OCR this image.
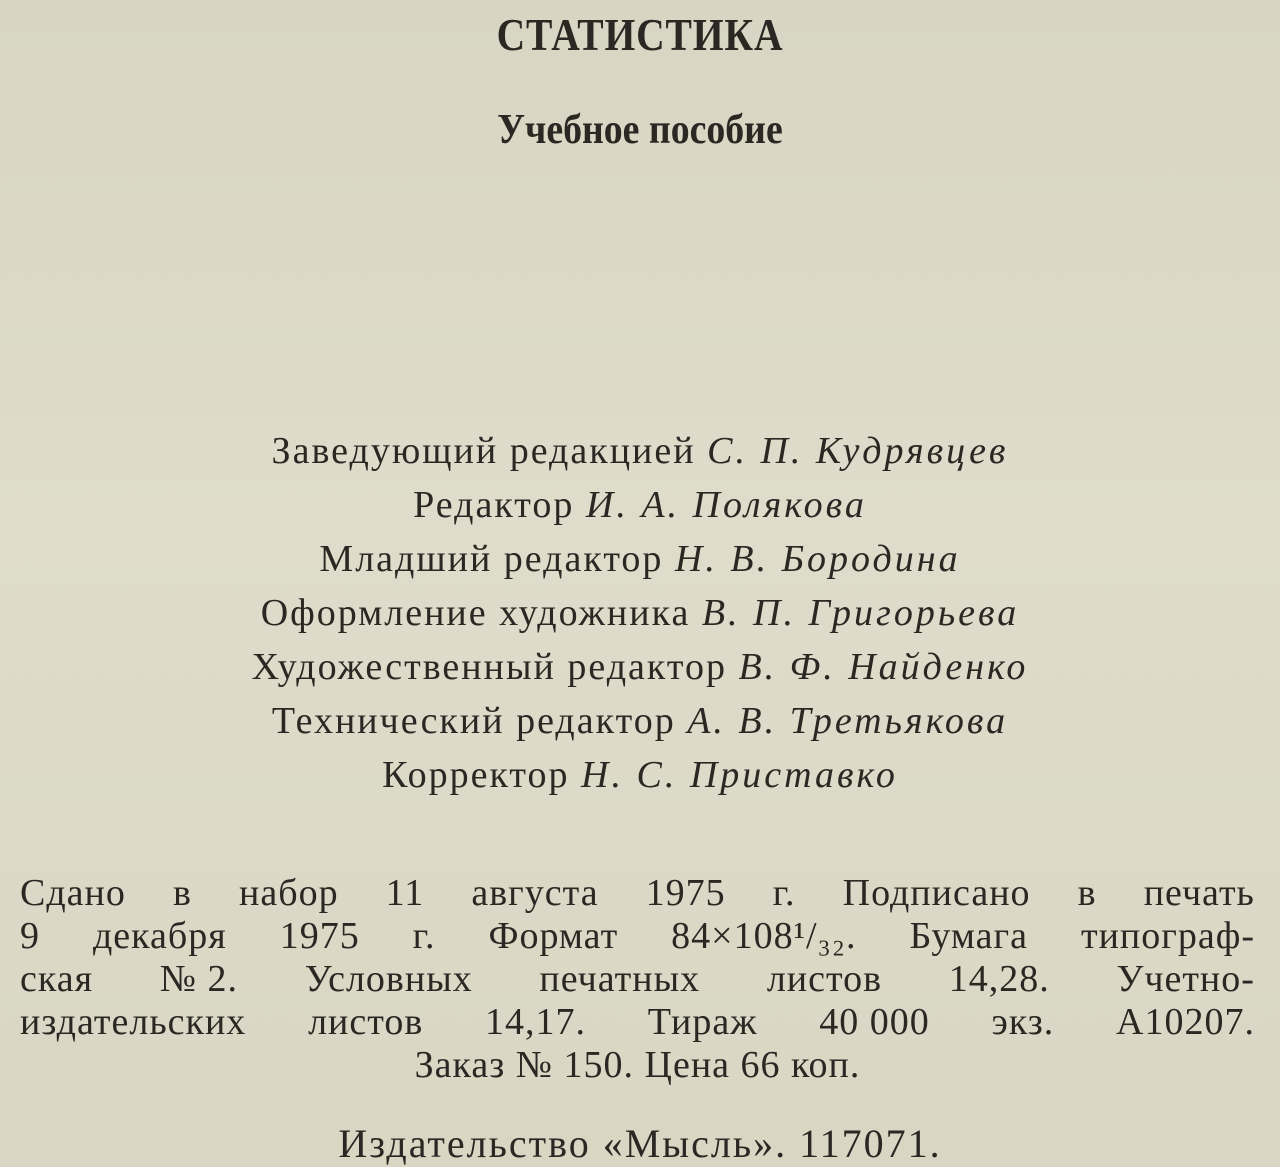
СТАТИСТИКА
Учебное пособие
Заведующий редакцией С. П. Кудрявцев
Редактор И. А. Полякова
Младший редактор Н. В. Бородина
Оформление художника В. П. Григорьева
Художественный редактор В. Ф. Найденко
Технический редактор А. В. Третьякова
Корректор Н. С. Приставко
Сдано в набор 11 августа 1975 г. Подписано в печать
9 декабря 1975 г. Формат 84×108¹/₃₂. Бумага типограф-
ская № 2. Условных печатных листов 14,28. Учетно-
издательских листов 14,17. Тираж 40 000 экз. А10207.
Заказ № 150. Цена 66 коп.
Издательство «Мысль». 117071.
